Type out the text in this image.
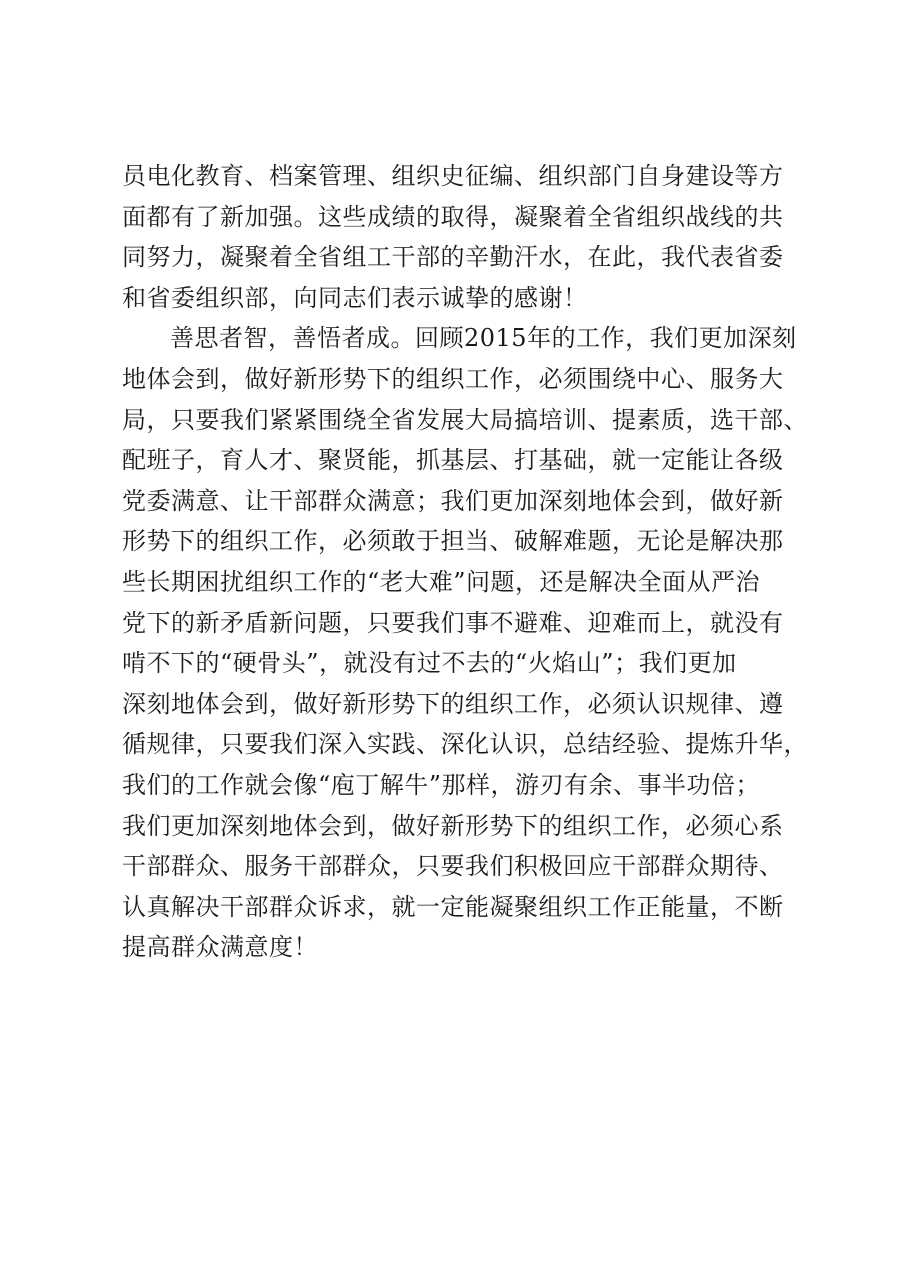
员电化教育、档案管理、组织史征编、组织部门自身建设等方
面都有了新加强。这些成绩的取得，凝聚着全省组织战线的共
同努力，凝聚着全省组工干部的辛勤汗水，在此，我代表省委
和省委组织部，向同志们表示诚挚的感谢！
善思者智，善悟者成。回顾2015年的工作，我们更加深刻
地体会到，做好新形势下的组织工作，必须围绕中心、服务大
局，只要我们紧紧围绕全省发展大局搞培训、提素质，选干部、
配班子，育人才、聚贤能，抓基层、打基础，就一定能让各级
党委满意、让干部群众满意；我们更加深刻地体会到，做好新
形势下的组织工作，必须敢于担当、破解难题，无论是解决那
些长期困扰组织工作的“老大难”问题，还是解决全面从严治
党下的新矛盾新问题，只要我们事不避难、迎难而上，就没有
啃不下的“硬骨头”，就没有过不去的“火焰山”；我们更加
深刻地体会到，做好新形势下的组织工作，必须认识规律、遵
循规律，只要我们深入实践、深化认识，总结经验、提炼升华，
我们的工作就会像“庖丁解牛”那样，游刃有余、事半功倍；
我们更加深刻地体会到，做好新形势下的组织工作，必须心系
干部群众、服务干部群众，只要我们积极回应干部群众期待、
认真解决干部群众诉求，就一定能凝聚组织工作正能量，不断
提高群众满意度！
